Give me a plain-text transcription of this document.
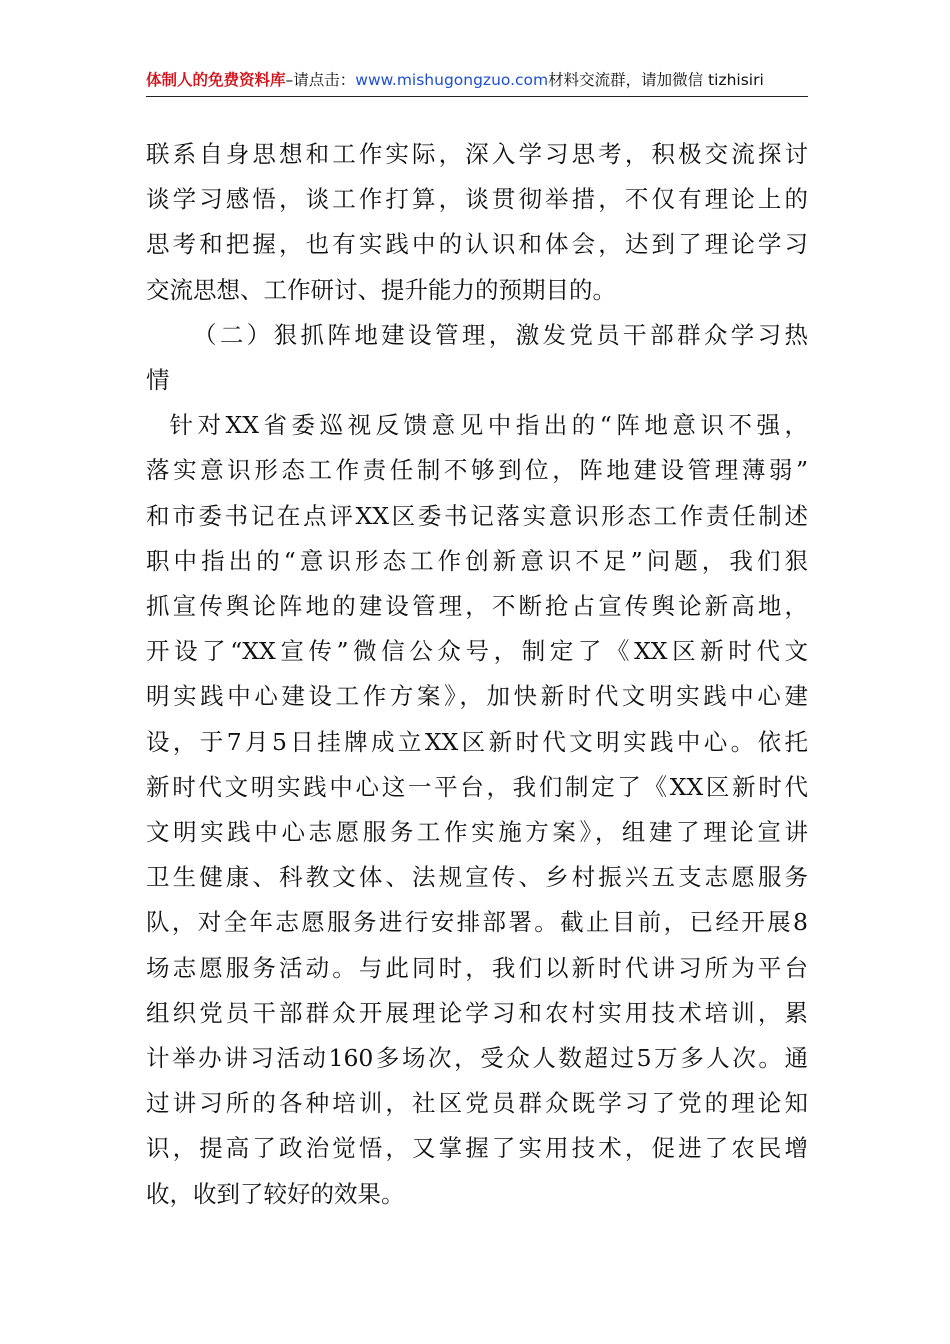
体制人的免费资料库–请点击：www.mishugongzuo.com材料交流群，请加微信 tizhisiri
联系自身思想和工作实际，深入学习思考，积极交流探讨
谈学习感悟，谈工作打算，谈贯彻举措，不仅有理论上的
思考和把握，也有实践中的认识和体会，达到了理论学习
交流思想、工作研讨、提升能力的预期目的。
（二）狠抓阵地建设管理，激发党员干部群众学习热
情
针对XX省委巡视反馈意见中指出的“阵地意识不强，
落实意识形态工作责任制不够到位，阵地建设管理薄弱”
和市委书记在点评XX区委书记落实意识形态工作责任制述
职中指出的“意识形态工作创新意识不足”问题，我们狠
抓宣传舆论阵地的建设管理，不断抢占宣传舆论新高地，
开设了“XX宣传”微信公众号，制定了《XX区新时代文
明实践中心建设工作方案》，加快新时代文明实践中心建
设，于7月5日挂牌成立XX区新时代文明实践中心。依托
新时代文明实践中心这一平台，我们制定了《XX区新时代
文明实践中心志愿服务工作实施方案》，组建了理论宣讲
卫生健康、科教文体、法规宣传、乡村振兴五支志愿服务
队，对全年志愿服务进行安排部署。截止目前，已经开展8
场志愿服务活动。与此同时，我们以新时代讲习所为平台
组织党员干部群众开展理论学习和农村实用技术培训，累
计举办讲习活动160多场次，受众人数超过5万多人次。通
过讲习所的各种培训，社区党员群众既学习了党的理论知
识，提高了政治觉悟，又掌握了实用技术，促进了农民增
收，收到了较好的效果。
